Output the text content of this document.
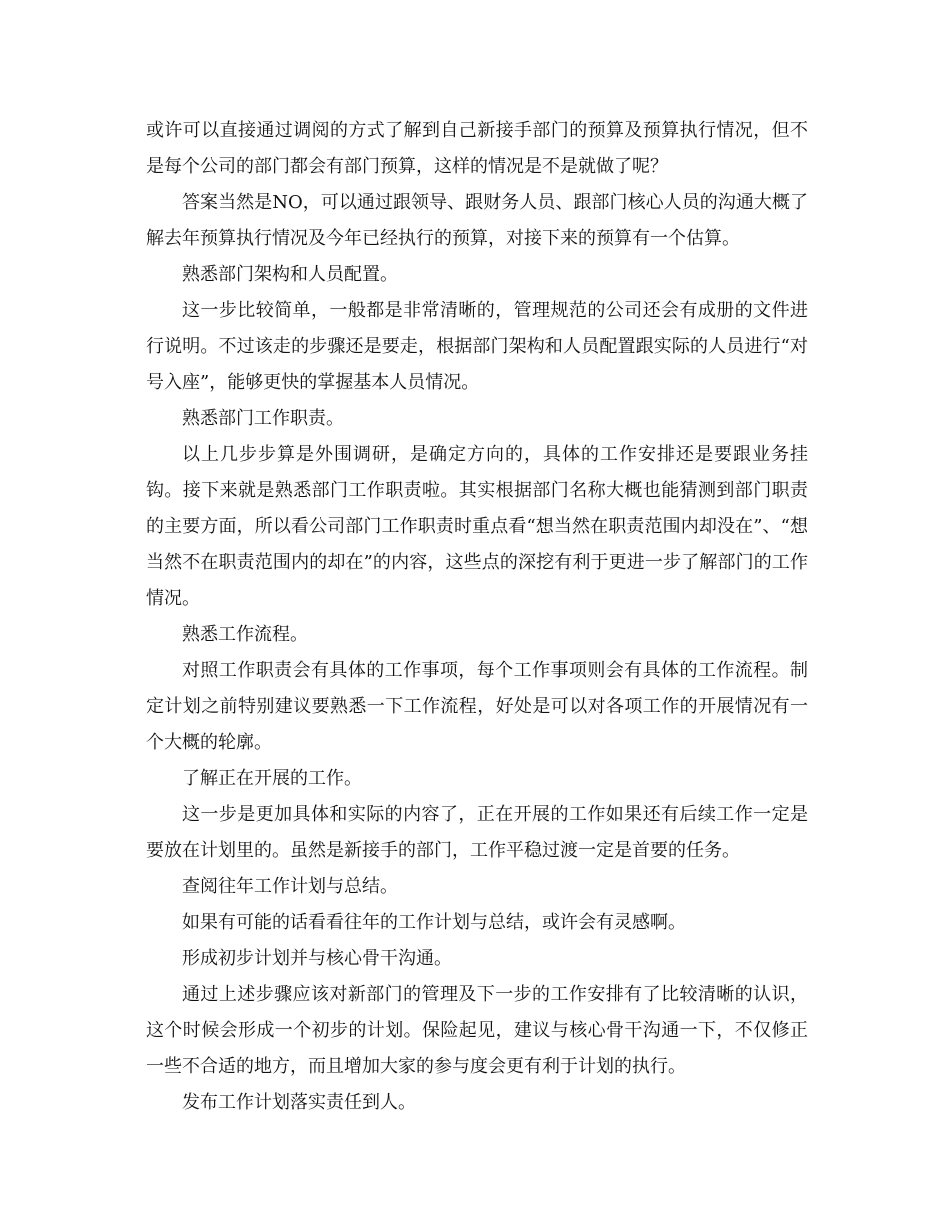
或许可以直接通过调阅的方式了解到自己新接手部门的预算及预算执行情况，但不是每个公司的部门都会有部门预算，这样的情况是不是就做了呢？

答案当然是NO，可以通过跟领导、跟财务人员、跟部门核心人员的沟通大概了解去年预算执行情况及今年已经执行的预算，对接下来的预算有一个估算。

熟悉部门架构和人员配置。

这一步比较简单，一般都是非常清晰的，管理规范的公司还会有成册的文件进行说明。不过该走的步骤还是要走，根据部门架构和人员配置跟实际的人员进行“对号入座”，能够更快的掌握基本人员情况。

熟悉部门工作职责。

以上几步步算是外围调研，是确定方向的，具体的工作安排还是要跟业务挂钩。接下来就是熟悉部门工作职责啦。其实根据部门名称大概也能猜测到部门职责的主要方面，所以看公司部门工作职责时重点看“想当然在职责范围内却没在”、“想当然不在职责范围内的却在”的内容，这些点的深挖有利于更进一步了解部门的工作情况。

熟悉工作流程。

对照工作职责会有具体的工作事项，每个工作事项则会有具体的工作流程。制定计划之前特别建议要熟悉一下工作流程，好处是可以对各项工作的开展情况有一个大概的轮廓。

了解正在开展的工作。

这一步是更加具体和实际的内容了，正在开展的工作如果还有后续工作一定是要放在计划里的。虽然是新接手的部门，工作平稳过渡一定是首要的任务。

查阅往年工作计划与总结。

如果有可能的话看看往年的工作计划与总结，或许会有灵感啊。

形成初步计划并与核心骨干沟通。

通过上述步骤应该对新部门的管理及下一步的工作安排有了比较清晰的认识，这个时候会形成一个初步的计划。保险起见，建议与核心骨干沟通一下，不仅修正一些不合适的地方，而且增加大家的参与度会更有利于计划的执行。

发布工作计划落实责任到人。
